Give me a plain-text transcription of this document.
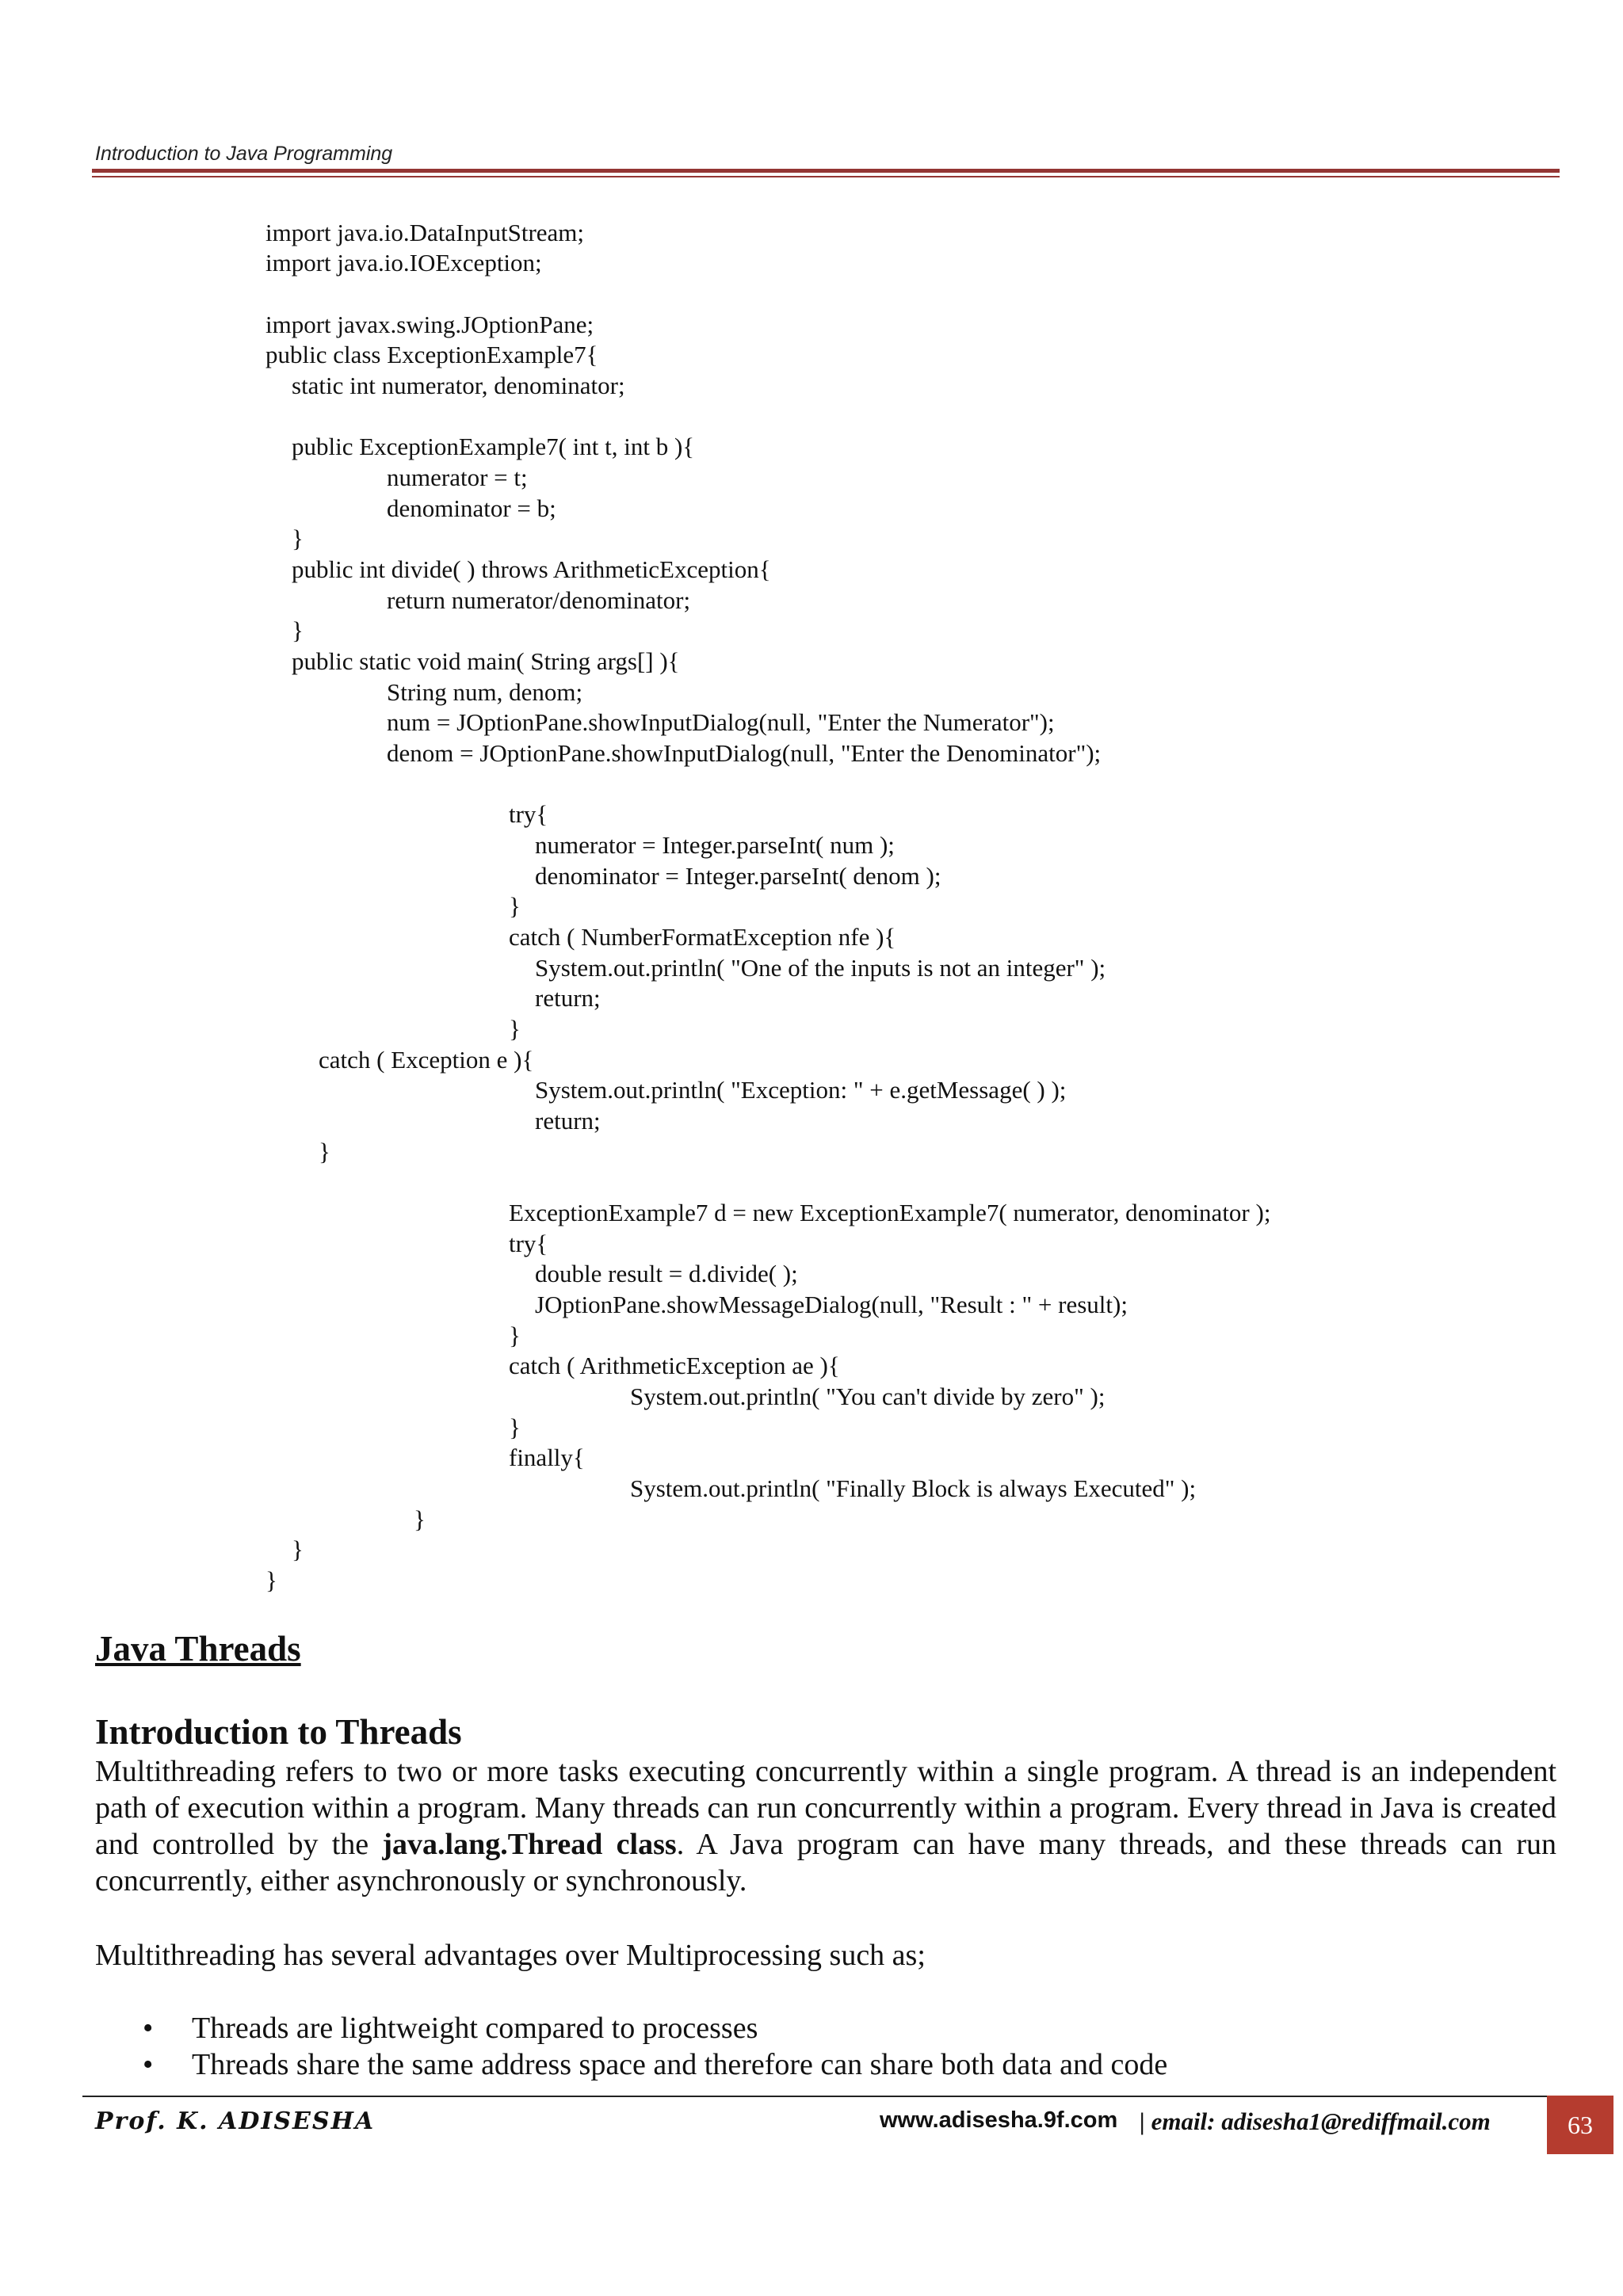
Introduction to Java Programming
import java.io.DataInputStream;
import java.io.IOException;
import javax.swing.JOptionPane;
public class ExceptionExample7{
static int numerator, denominator;
public ExceptionExample7( int t, int b ){
numerator = t;
denominator = b;
}
public int divide( ) throws ArithmeticException{
return numerator/denominator;
}
public static void main( String args[] ){
String num, denom;
num = JOptionPane.showInputDialog(null, "Enter the Numerator");
denom = JOptionPane.showInputDialog(null, "Enter the Denominator");
try{
numerator = Integer.parseInt( num );
denominator = Integer.parseInt( denom );
}
catch ( NumberFormatException nfe ){
System.out.println( "One of the inputs is not an integer" );
return;
}
catch ( Exception e ){
System.out.println( "Exception: " + e.getMessage( ) );
return;
}
ExceptionExample7 d = new ExceptionExample7( numerator, denominator );
try{
double result = d.divide( );
JOptionPane.showMessageDialog(null, "Result : " + result);
}
catch ( ArithmeticException ae ){
System.out.println( "You can't divide by zero" );
}
finally{
System.out.println( "Finally Block is always Executed" );
}
}
}
Java Threads
Introduction to Threads
Multithreading refers to two or more tasks executing concurrently within a single program. A thread is an independent path of execution within a program. Many threads can run concurrently within a program. Every thread in Java is created and controlled by the java.lang.Thread class. A Java program can have many threads, and these threads can run concurrently, either asynchronously or synchronously.
Multithreading has several advantages over Multiprocessing such as;
• Threads are lightweight compared to processes
• Threads share the same address space and therefore can share both data and code
Prof. K. ADISESHA	www.adisesha.9f.com | email: adisesha1@rediffmail.com	63
